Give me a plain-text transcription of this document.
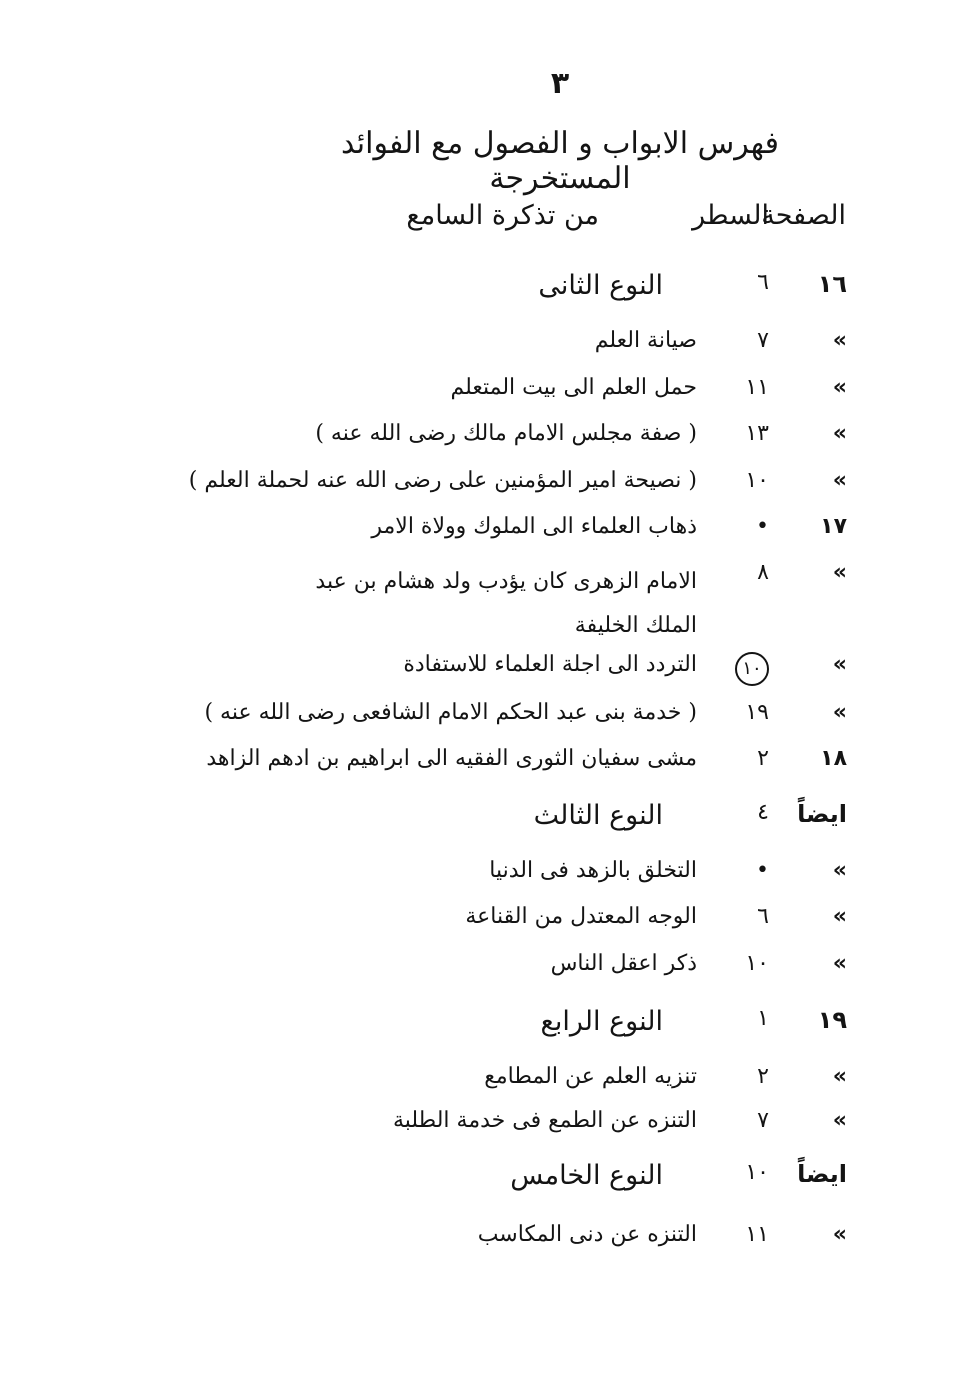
٣
فهرس الابواب و الفصول مع الفوائد المستخرجة
الصفحة
السطر
من تذكرة السامع
١٦
٦
النوع الثانى
»
٧
صيانة العلم
»
١١
حمل العلم الى بيت المتعلم
»
١٣
( صفة مجلس الامام مالك رضى الله عنه )
»
١٠
( نصيحة امير المؤمنين على رضى الله عنه لحملة العلم )
١٧
•
ذهاب العلماء الى الملوك وولاة الامر
»
٨
الامام الزهرى كان يؤدب ولد هشام بن عبد الملك الخليفة
»
١٠
التردد الى اجلة العلماء للاستفادة
»
١٩
( خدمة بنى عبد الحكم الامام الشافعى رضى الله عنه )
١٨
٢
مشى سفيان الثورى الفقيه الى ابراهيم بن ادهم الزاهد
ايضاً
٤
النوع الثالث
»
•
التخلق بالزهد فى الدنيا
»
٦
الوجه المعتدل من القناعة
»
١٠
ذكر اعقل الناس
١٩
١
النوع الرابع
»
٢
تنزيه العلم عن المطامع
»
٧
التنزه عن الطمع فى خدمة الطلبة
ايضاً
١٠
النوع الخامس
»
١١
التنزه عن دنى المكاسب
